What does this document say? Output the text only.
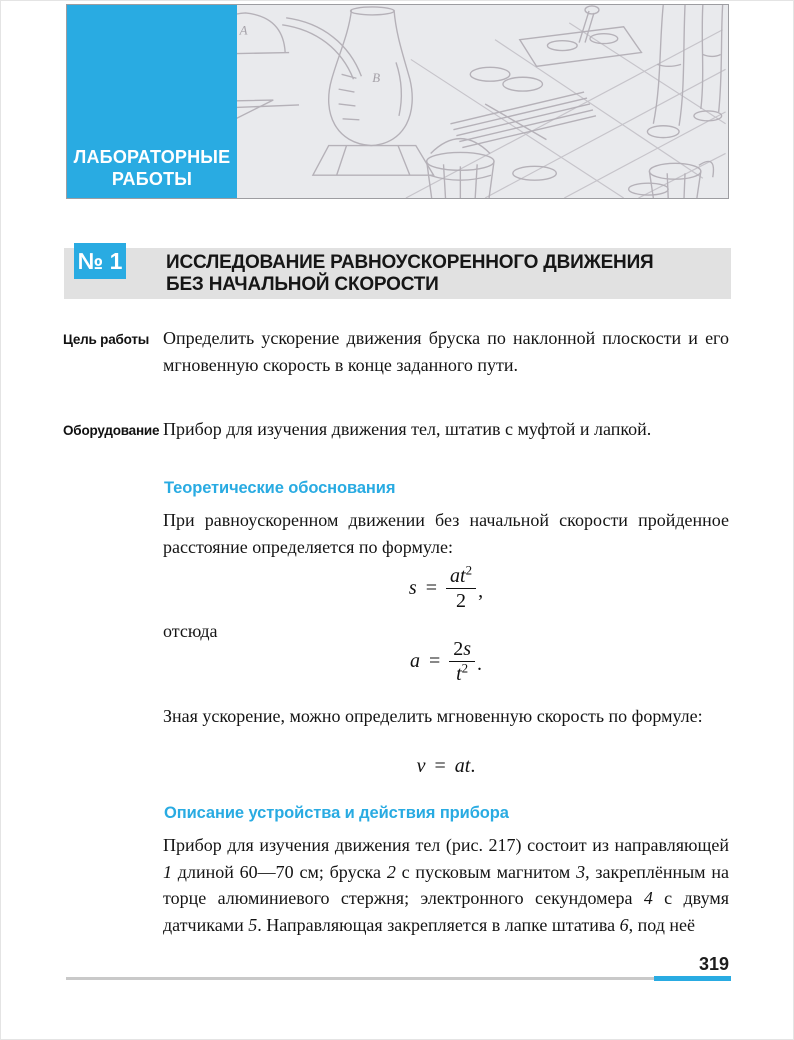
A
B
ЛАБОРАТОРНЫЕ
РАБОТЫ
№ 1 ИССЛЕДОВАНИЕ РАВНОУСКОРЕННОГО ДВИЖЕНИЯ
БЕЗ НАЧАЛЬНОЙ СКОРОСТИ
Цель работы Определить ускорение движения бруска по наклонной плоскости и его мгновенную скорость в конце заданного пути.

Оборудование Прибор для изучения движения тел, штатив с муфтой и лапкой.

Теоретические обоснования

При равноускоренном движении без начальной скорости пройденное расстояние определяется по формуле:

$s = \frac{at^2}{2}$ ,

отсюда

$a = \frac{2s}{t^2}$ .

Зная ускорение, можно определить мгновенную скорость по формуле:

v = at .
Описание устройства и действия прибора

Прибор для изучения движения тел (рис. 217) состоит из направляющей 1 длиной 60—70 см; бруска 2 с пусковым магнитом 3, закреплённым на торце алюминиевого стержня; электронного секундомера 4 с двумя датчиками 5. Направляющая закрепляется в лапке штатива 6, под неё

319
